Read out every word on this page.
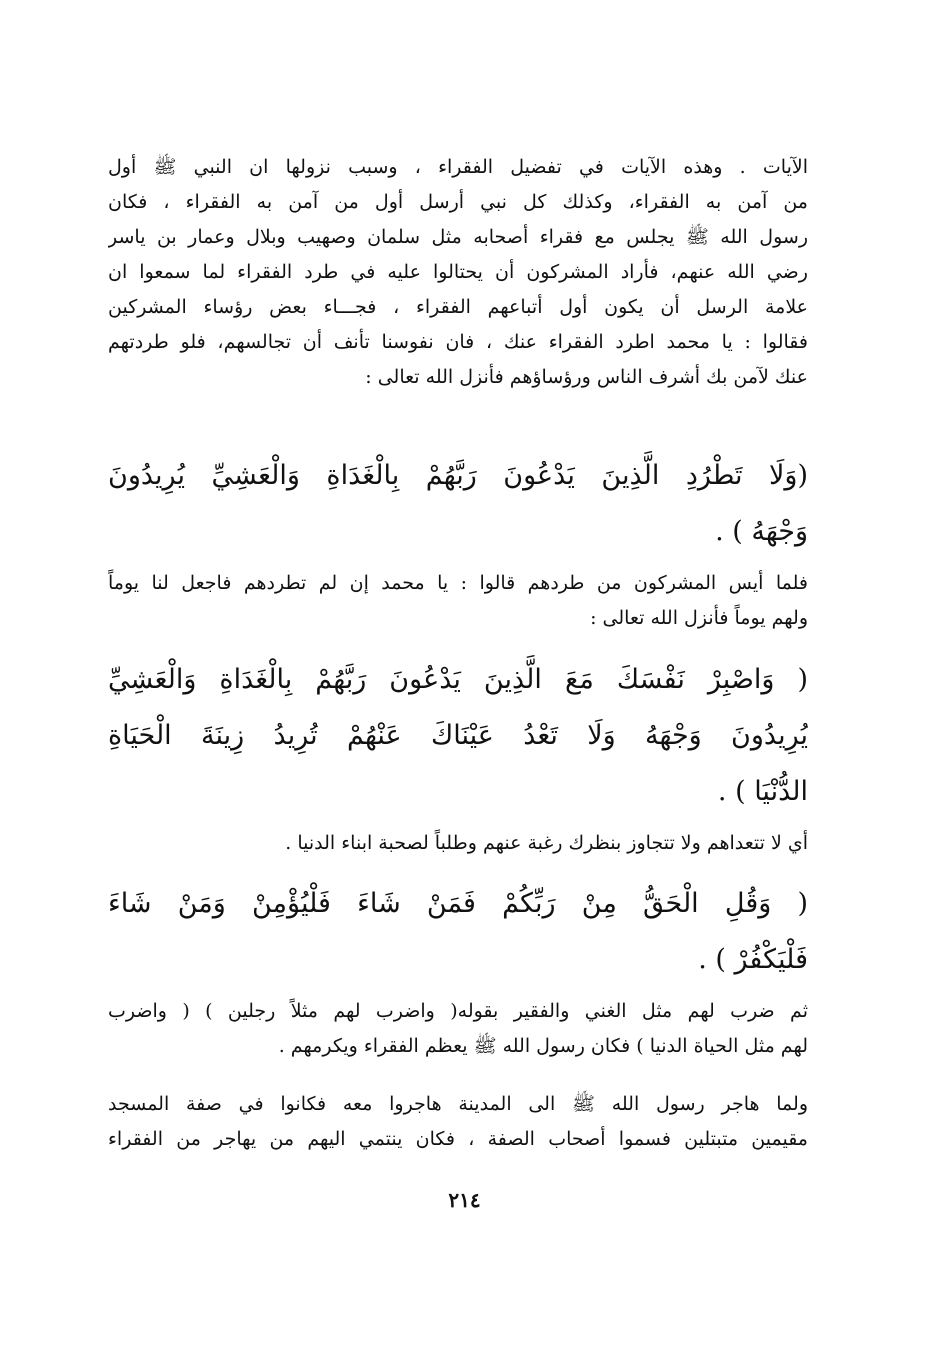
الآيات . وهذه الآيات في تفضيل الفقراء ، وسبب نزولها ان النبي ﷺ أول
من آمن به الفقراء، وكذلك كل نبي أرسل أول من آمن به الفقراء ، فكان
رسول الله ﷺ يجلس مع فقراء أصحابه مثل سلمان وصهيب وبلال وعمار بن ياسر
رضي الله عنهم، فأراد المشركون أن يحتالوا عليه في طرد الفقراء لما سمعوا ان
علامة الرسل أن يكون أول أتباعهم الفقراء ، فجـــاء بعض رؤساء المشركين
فقالوا : يا محمد اطرد الفقراء عنك ، فان نفوسنا تأنف أن تجالسهم، فلو طردتهم
عنك لآمن بك أشرف الناس ورؤساؤهم فأنزل الله تعالى :
(وَلَا تَطْرُدِ الَّذِينَ يَدْعُونَ رَبَّهُمْ بِالْغَدَاةِ وَالْعَشِيِّ يُرِيدُونَ
وَجْهَهُ ) .
فلما أيس المشركون من طردهم قالوا : يا محمد إن لم تطردهم فاجعل لنا يوماً
ولهم يوماً فأنزل الله تعالى :
( وَاصْبِرْ نَفْسَكَ مَعَ الَّذِينَ يَدْعُونَ رَبَّهُمْ بِالْغَدَاةِ وَالْعَشِيِّ
يُرِيدُونَ وَجْهَهُ وَلَا تَعْدُ عَيْنَاكَ عَنْهُمْ تُرِيدُ زِينَةَ الْحَيَاةِ
الدُّنْيَا ) .
أي لا تتعداهم ولا تتجاوز بنظرك رغبة عنهم وطلباً لصحبة ابناء الدنيا .
( وَقُلِ الْحَقُّ مِنْ رَبِّكُمْ فَمَنْ شَاءَ فَلْيُؤْمِنْ وَمَنْ شَاءَ
فَلْيَكْفُرْ ) .
ثم ضرب لهم مثل الغني والفقير بقوله( واضرب لهم مثلاً رجلين ) ( واضرب
لهم مثل الحياة الدنيا ) فكان رسول الله ﷺ يعظم الفقراء ويكرمهم .
ولما هاجر رسول الله ﷺ الى المدينة هاجروا معه فكانوا في صفة المسجد
مقيمين متبتلين فسموا أصحاب الصفة ، فكان ينتمي اليهم من يهاجر من الفقراء
٢١٤
